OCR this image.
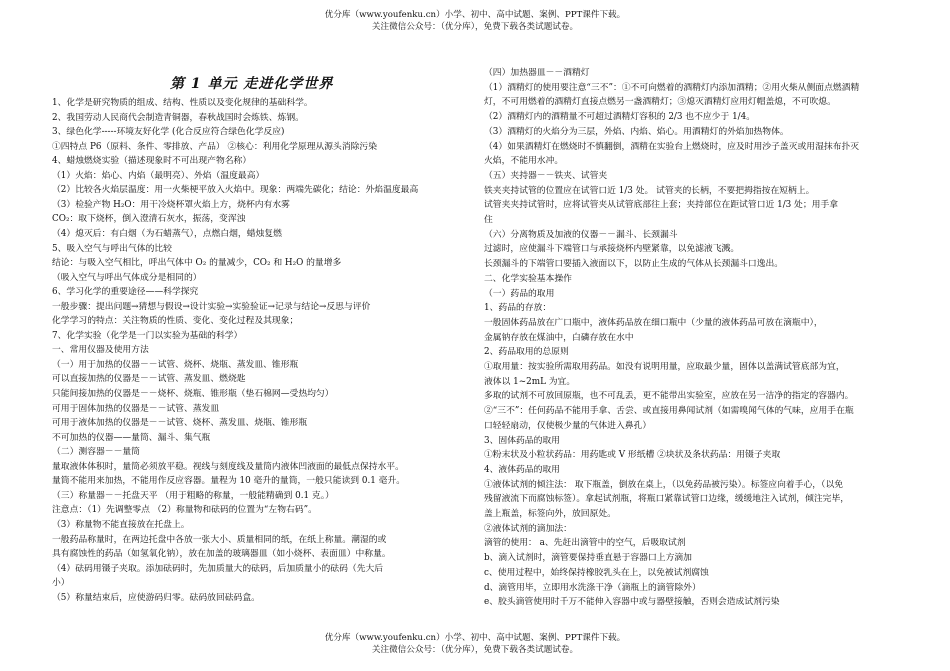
优分库（www.youfenku.cn）小学、初中、高中试题、案例、PPT课件下载。
关注微信公众号：（优分库），免费下载各类试题试卷。
第 1 单元 走进化学世界
1、化学是研究物质的组成、结构、性质以及变化规律的基础科学。
2、我国劳动人民商代会制造青铜器，春秋战国时会炼铁、炼钢。
3、绿色化学-----环境友好化学 (化合反应符合绿色化学反应)
①四特点 P6（原料、条件、零排放、产品） ②核心：利用化学原理从源头消除污染
4、蜡烛燃烧实验（描述现象时不可出现产物名称）
（1）火焰：焰心、内焰（最明亮）、外焰（温度最高）
（2）比较各火焰层温度：用一火柴梗平放入火焰中。现象：两端先碳化；结论：外焰温度最高
（3）检验产物 H₂O：用干冷烧杯罩火焰上方，烧杯内有水雾
CO₂：取下烧杯，倒入澄清石灰水，振荡，变浑浊
（4）熄灭后：有白烟（为石蜡蒸气），点燃白烟，蜡烛复燃
5、吸入空气与呼出气体的比较
结论：与吸入空气相比，呼出气体中 O₂ 的量减少，CO₂ 和 H₂O 的量增多
（吸入空气与呼出气体成分是相同的）
6、学习化学的重要途径——科学探究
一般步骤：提出问题→猜想与假设→设计实验→实验验证→记录与结论→反思与评价
化学学习的特点：关注物质的性质、变化、变化过程及其现象；
7、化学实验（化学是一门以实验为基础的科学）
一、常用仪器及使用方法
（一）用于加热的仪器－－试管、烧杯、烧瓶、蒸发皿、锥形瓶
可以直接加热的仪器是－－试管、蒸发皿、燃烧匙
只能间接加热的仪器是－－烧杯、烧瓶、锥形瓶（垫石棉网—受热均匀）
可用于固体加热的仪器是－－试管、蒸发皿
可用于液体加热的仪器是－－试管、烧杯、蒸发皿、烧瓶、锥形瓶
不可加热的仪器——量筒、漏斗、集气瓶
（二）测容器－－量筒
量取液体体积时，量筒必须放平稳。视线与刻度线及量筒内液体凹液面的最低点保持水平。
量筒不能用来加热，不能用作反应容器。量程为 10 毫升的量筒，一般只能读到 0.1 毫升。
（三）称量器－－托盘天平 （用于粗略的称量，一般能精确到 0.1 克。）
注意点：（1）先调整零点 （2）称量物和砝码的位置为“左物右码”。
（3）称量物不能直接放在托盘上。
一般药品称量时，在两边托盘中各放一张大小、质量相同的纸，在纸上称量。潮湿的或
具有腐蚀性的药品（如氢氧化钠），放在加盖的玻璃器皿（如小烧杯、表面皿）中称量。
（4）砝码用镊子夹取。添加砝码时，先加质量大的砝码，后加质量小的砝码（先大后
小）
（5）称量结束后，应使游码归零。砝码放回砝码盒。
（四）加热器皿－－酒精灯
（1）酒精灯的使用要注意“三不”：①不可向燃着的酒精灯内添加酒精；②用火柴从侧面点燃酒精
灯，不可用燃着的酒精灯直接点燃另一盏酒精灯；③熄灭酒精灯应用灯帽盖熄，不可吹熄。
（2）酒精灯内的酒精量不可超过酒精灯容积的 2/3 也不应少于 1/4。
（3）酒精灯的火焰分为三层，外焰、内焰、焰心。用酒精灯的外焰加热物体。
（4）如果酒精灯在燃烧时不慎翻倒，酒精在实验台上燃烧时，应及时用沙子盖灭或用湿抹布扑灭
火焰，不能用水冲。
（五）夹持器－－铁夹、试管夹
铁夹夹持试管的位置应在试管口近 1/3 处。 试管夹的长柄，不要把拇指按在短柄上。
试管夹夹持试管时，应将试管夹从试管底部往上套；夹持部位在距试管口近 1/3 处；用手拿
住
（六）分离物质及加液的仪器－－漏斗、长颈漏斗
过滤时，应使漏斗下端管口与承接烧杯内壁紧靠，以免滤液飞溅。
长颈漏斗的下端管口要插入液面以下，以防止生成的气体从长颈漏斗口逸出。
二、化学实验基本操作
（一）药品的取用
1、药品的存放：
一般固体药品放在广口瓶中，液体药品放在细口瓶中（少量的液体药品可放在滴瓶中），
金属钠存放在煤油中，白磷存放在水中
2、药品取用的总原则
①取用量：按实验所需取用药品。如没有说明用量，应取最少量，固体以盖满试管底部为宜，
液体以 1~2mL 为宜。
多取的试剂不可放回原瓶，也不可乱丢，更不能带出实验室，应放在另一洁净的指定的容器内。
②“三不”：任何药品不能用手拿、舌尝、或直接用鼻闻试剂（如需嗅闻气体的气味，应用手在瓶
口轻轻扇动，仅使极少量的气体进入鼻孔）
3、固体药品的取用
①粉末状及小粒状药品：用药匙或 V 形纸槽 ②块状及条状药品：用镊子夹取
4、液体药品的取用
①液体试剂的倾注法： 取下瓶盖，倒放在桌上，（以免药品被污染）。标签应向着手心，（以免
残留液流下而腐蚀标签）。拿起试剂瓶，将瓶口紧靠试管口边缘，缓缓地注入试剂，倾注完毕，
盖上瓶盖，标签向外，放回原处。
②液体试剂的滴加法：
滴管的使用： a、先赶出滴管中的空气，后吸取试剂
b、滴入试剂时，滴管要保持垂直悬于容器口上方滴加
c、使用过程中，始终保持橡胶乳头在上，以免被试剂腐蚀
d、滴管用毕，立即用水洗涤干净（滴瓶上的滴管除外）
e、胶头滴管使用时千万不能伸入容器中或与器壁接触，否则会造成试剂污染
优分库（www.youfenku.cn）小学、初中、高中试题、案例、PPT课件下载。
关注微信公众号：（优分库），免费下载各类试题试卷。
